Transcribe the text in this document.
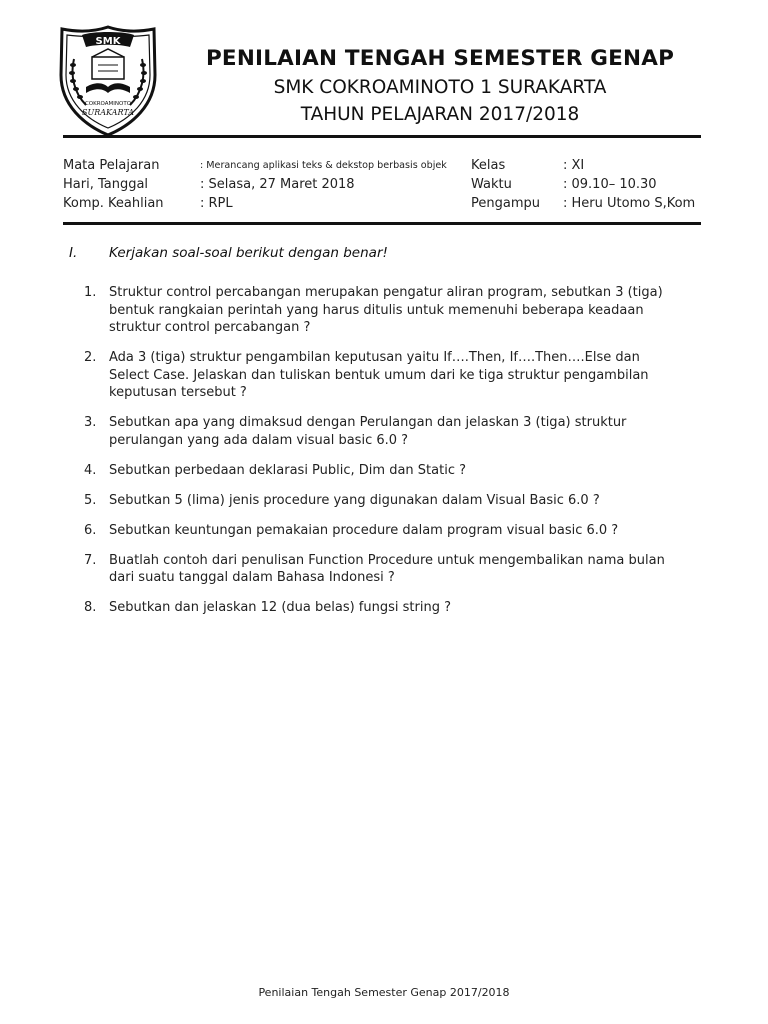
SMK
COKROAMINOTO
SURAKARTA
PENILAIAN TENGAH SEMESTER GENAP
SMK COKROAMINOTO 1 SURAKARTA
TAHUN PELAJARAN 2017/2018
Mata Pelajaran	: Merancang aplikasi teks & dekstop berbasis objek Kelas	: XI
Hari, Tanggal	: Selasa, 27 Maret 2018	Waktu	: 09.10– 10.30
Komp. Keahlian	: RPL	Pengampu : Heru Utomo S,Kom
I. Kerjakan soal-soal berikut dengan benar!
1. Struktur control percabangan merupakan pengatur aliran program, sebutkan 3 (tiga)
bentuk rangkaian perintah yang harus ditulis untuk memenuhi beberapa keadaan
struktur control percabangan ?
2. Ada 3 (tiga) struktur pengambilan keputusan yaitu If….Then, If….Then….Else dan
Select Case. Jelaskan dan tuliskan bentuk umum dari ke tiga struktur pengambilan
keputusan tersebut ?
3. Sebutkan apa yang dimaksud dengan Perulangan dan jelaskan 3 (tiga) struktur
perulangan yang ada dalam visual basic 6.0 ?
4. Sebutkan perbedaan deklarasi Public, Dim dan Static ?
5. Sebutkan 5 (lima) jenis procedure yang digunakan dalam Visual Basic 6.0 ?
6. Sebutkan keuntungan pemakaian procedure dalam program visual basic 6.0 ?
7. Buatlah contoh dari penulisan Function Procedure untuk mengembalikan nama bulan
dari suatu tanggal dalam Bahasa Indonesi ?
8. Sebutkan dan jelaskan 12 (dua belas) fungsi string ?
Penilaian Tengah Semester Genap 2017/2018
